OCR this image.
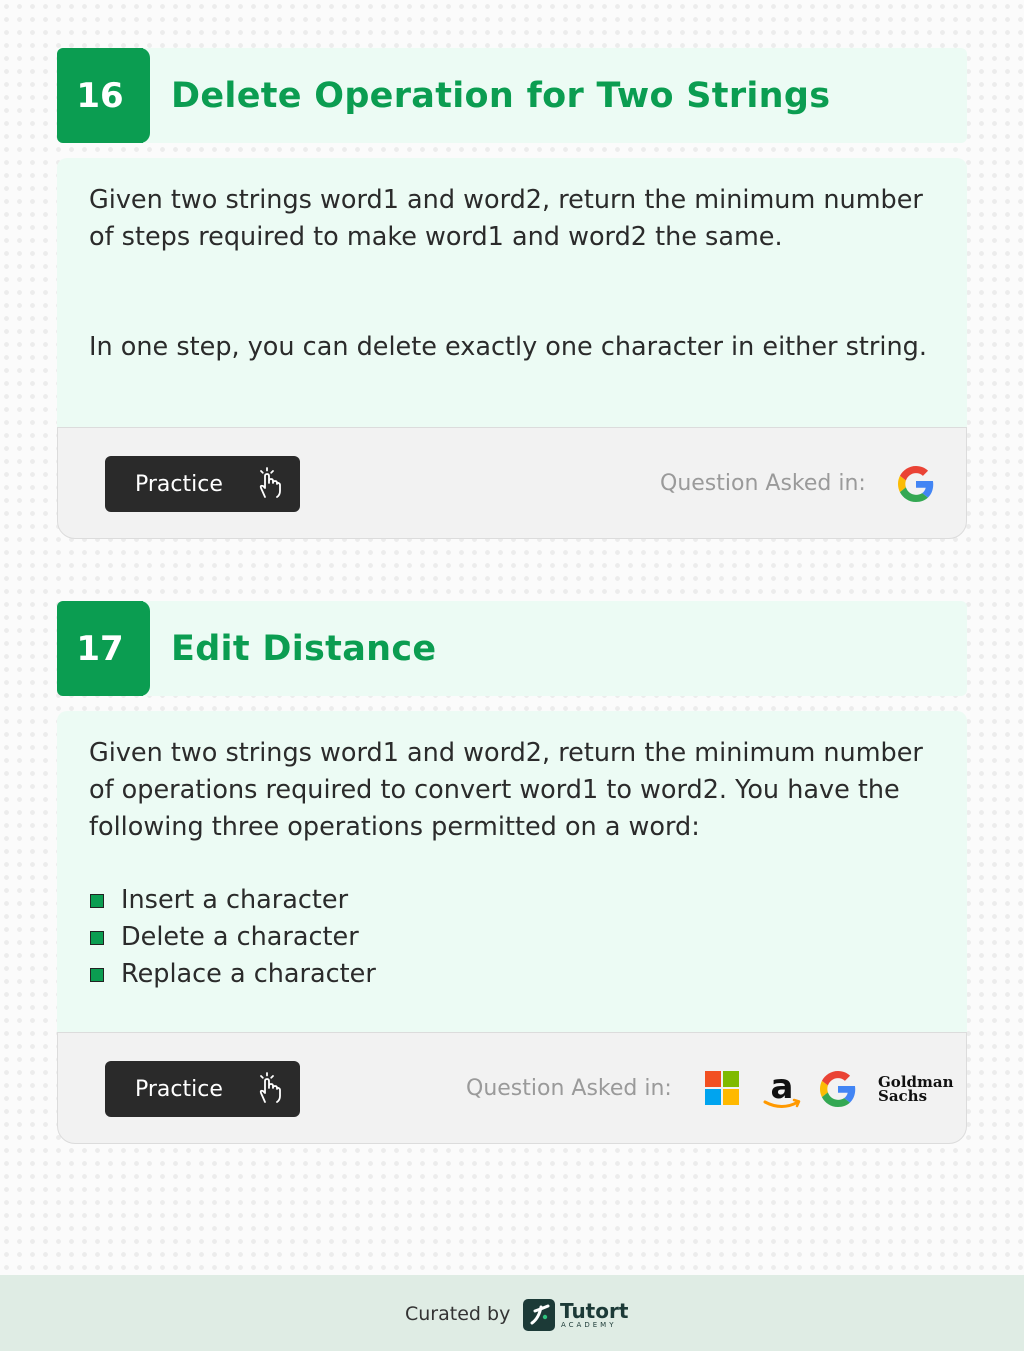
16	Delete Operation for Two Strings

Given two strings word1 and word2, return the minimum number of steps required to make word1 and word2 the same.

In one step, you can delete exactly one character in either string.

Practice	Question Asked in:
17	Edit Distance

Given two strings word1 and word2, return the minimum number of operations required to convert word1 to word2. You have the following three operations permitted on a word:

Insert a character
Delete a character
Replace a character
Practice	Question Asked in:	a	Goldman
Sachs
Curated by Tutort
ACADEMY
